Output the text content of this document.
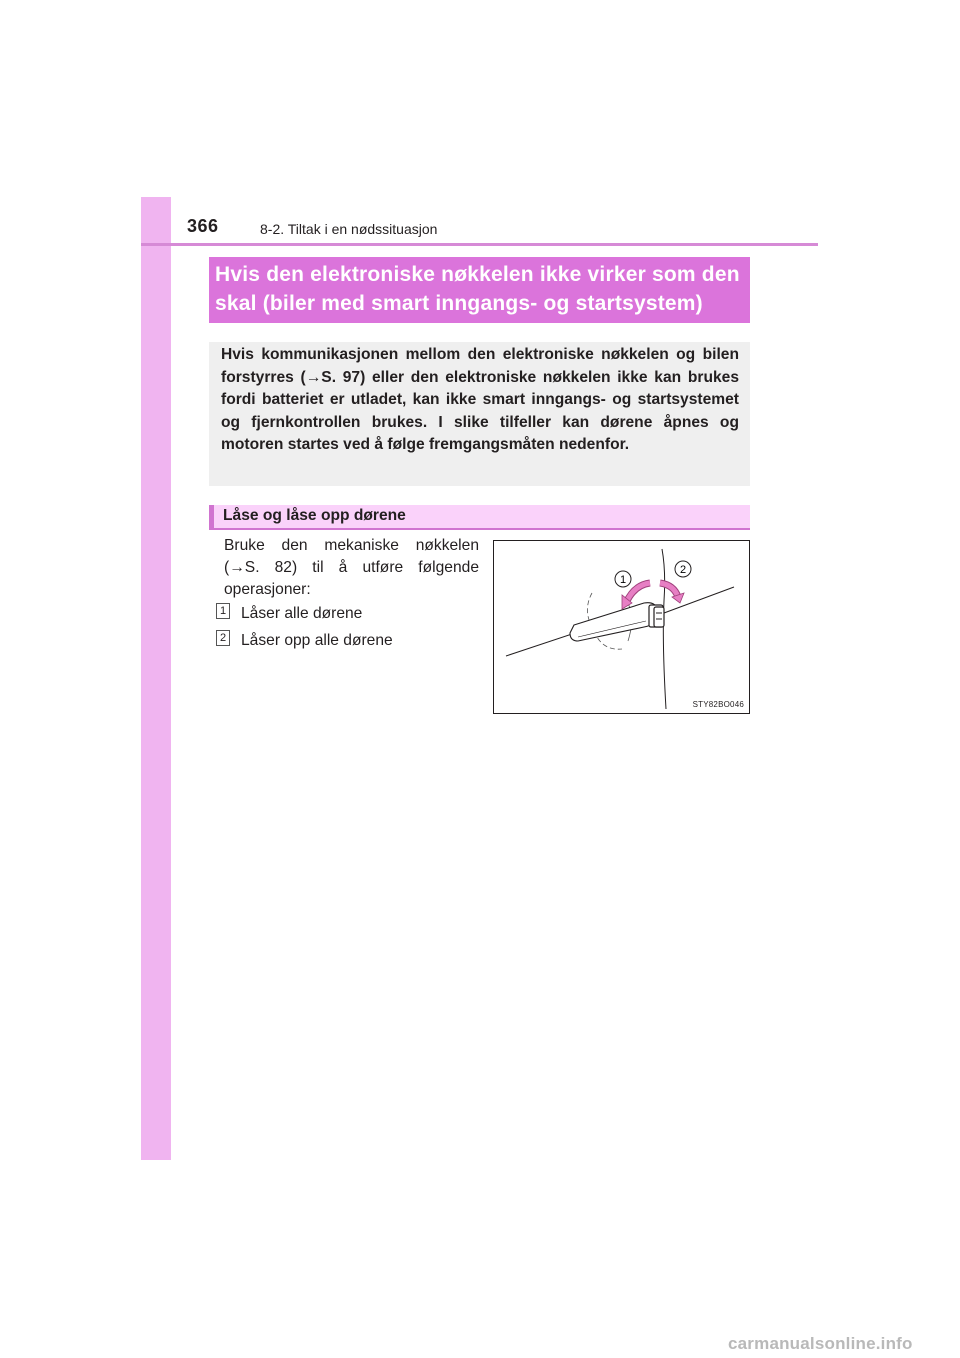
366	8-2. Tiltak i en nødssituasjon
Hvis den elektroniske nøkkelen ikke virker som den
skal (biler med smart inngangs- og startsystem)

Hvis kommunikasjonen mellom den elektroniske nøkkelen og bilen forstyrres (→S. 97) eller den elektroniske nøkkelen ikke kan brukes fordi batteriet er utladet, kan ikke smart inngangs- og startsystemet og fjernkontrollen brukes. I slike tilfeller kan dørene åpnes og motoren startes ved å følge fremgangsmåten nedenfor.

Låse og låse opp dørene

Bruke den mekaniske nøkkelen (→S. 82) til å utføre følgende operasjoner:

1 Låser alle dørene
2 Låser opp alle dørene
1
2
STY82BO046
carmanualsonline.info
